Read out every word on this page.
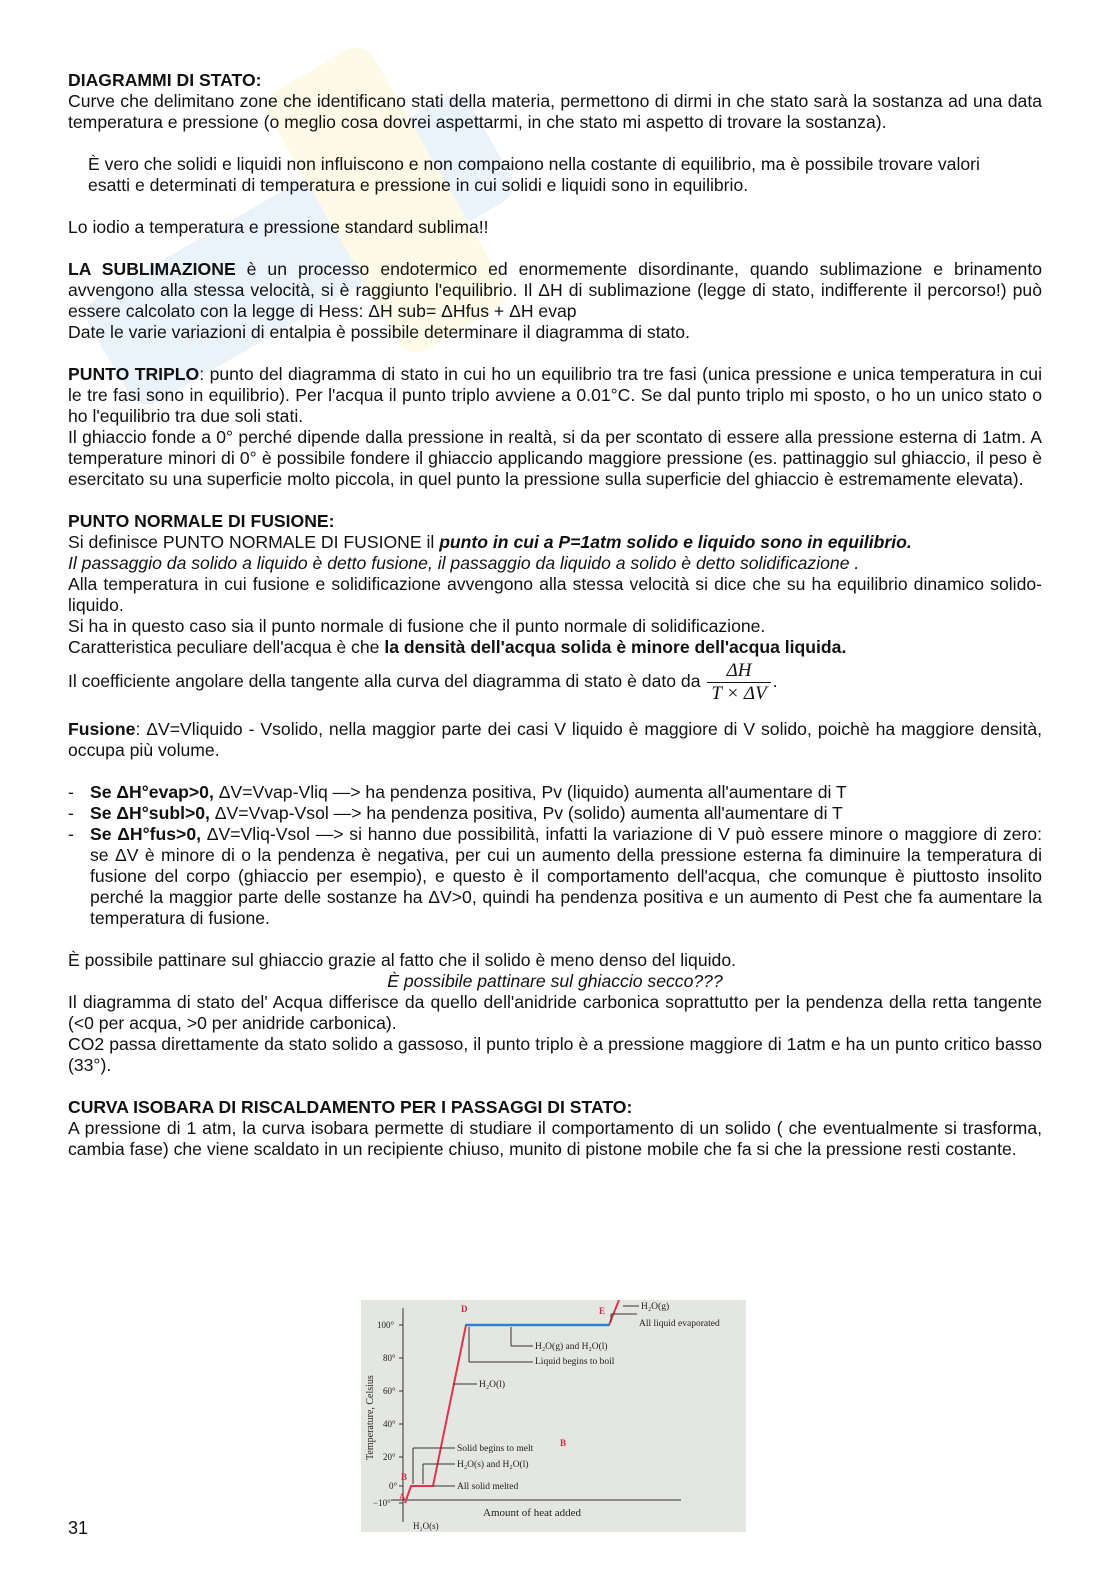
DIAGRAMMI DI STATO:

Curve che delimitano zone che identificano stati della materia, permettono di dirmi in che stato sarà la sostanza ad una data temperatura e pressione (o meglio cosa dovrei aspettarmi, in che stato mi aspetto di trovare la sostanza).

È vero che solidi e liquidi non influiscono e non compaiono nella costante di equilibrio, ma è possibile trovare valori esatti e determinati di temperatura e pressione in cui solidi e liquidi sono in equilibrio.

Lo iodio a temperatura e pressione standard sublima!!

LA SUBLIMAZIONE è un processo endotermico ed enormemente disordinante, quando sublimazione e brinamento avvengono alla stessa velocità, si è raggiunto l'equilibrio. Il ΔH di sublimazione (legge di stato, indifferente il percorso!) può essere calcolato con la legge di Hess: ΔH sub= ΔHfus + ΔH evap

Date le varie variazioni di entalpia è possibile determinare il diagramma di stato.

PUNTO TRIPLO: punto del diagramma di stato in cui ho un equilibrio tra tre fasi (unica pressione e unica temperatura in cui le tre fasi sono in equilibrio). Per l'acqua il punto triplo avviene a 0.01°C. Se dal punto triplo mi sposto, o ho un unico stato o ho l'equilibrio tra due soli stati.

Il ghiaccio fonde a 0° perché dipende dalla pressione in realtà, si da per scontato di essere alla pressione esterna di 1atm. A temperature minori di 0° è possibile fondere il ghiaccio applicando maggiore pressione (es. pattinaggio sul ghiaccio, il peso è esercitato su una superficie molto piccola, in quel punto la pressione sulla superficie del ghiaccio è estremamente elevata).

PUNTO NORMALE DI FUSIONE:

Si definisce PUNTO NORMALE DI FUSIONE il punto in cui a P=1atm solido e liquido sono in equilibrio.

Il passaggio da solido a liquido è detto fusione, il passaggio da liquido a solido è detto solidificazione .

Alla temperatura in cui fusione e solidificazione avvengono alla stessa velocità si dice che su ha equilibrio dinamico solido-liquido.

Si ha in questo caso sia il punto normale di fusione che il punto normale di solidificazione.

Caratteristica peculiare dell'acqua è che la densità dell'acqua solida è minore dell'acqua liquida.

Il coefficiente angolare della tangente alla curva del diagramma di stato è dato da $\frac{\Delta H}{T \times \Delta V}$ .

Fusione: ΔV=Vliquido - Vsolido, nella maggior parte dei casi V liquido è maggiore di V solido, poichè ha maggiore densità, occupa più volume.

- Se ΔH°evap>0, ΔV=Vvap-Vliq —> ha pendenza positiva, Pv (liquido) aumenta all'aumentare di T
- Se ΔH°subl>0, ΔV=Vvap-Vsol —> ha pendenza positiva, Pv (solido) aumenta all'aumentare di T
- Se ΔH°fus>0, ΔV=Vliq-Vsol —> si hanno due possibilità, infatti la variazione di V può essere minore o maggiore di zero: se ΔV è minore di o la pendenza è negativa, per cui un aumento della pressione esterna fa diminuire la temperatura di fusione del corpo (ghiaccio per esempio), e questo è il comportamento dell'acqua, che comunque è piuttosto insolito perché la maggior parte delle sostanze ha ΔV>0, quindi ha pendenza positiva e un aumento di Pest che fa aumentare la temperatura di fusione.

È possibile pattinare sul ghiaccio grazie al fatto che il solido è meno denso del liquido.

È possibile pattinare sul ghiaccio secco???

Il diagramma di stato del' Acqua differisce da quello dell'anidride carbonica soprattutto per la pendenza della retta tangente (<0 per acqua, >0 per anidride carbonica).

CO2 passa direttamente da stato solido a gassoso, il punto triplo è a pressione maggiore di 1atm e ha un punto critico basso (33°).

CURVA ISOBARA DI RISCALDAMENTO PER I PASSAGGI DI STATO:

A pressione di 1 atm, la curva isobara permette di studiare il comportamento di un solido ( che eventualmente si trasforma, cambia fase) che viene scaldato in un recipiente chiuso, munito di pistone mobile che fa si che la pressione resti costante.

100°
80°
60°
40°
20°
0°
−10°
Temperature, Celsius
Amount of heat added
H₂O(s)
A
B
B
D	E	H₂O(g)
All liquid evaporated
H₂O(g) and H₂O(l)
Liquid begins to boil
H₂O(l)
Solid begins to melt
H₂O(s) and H₂O(l)
All solid melted
31
